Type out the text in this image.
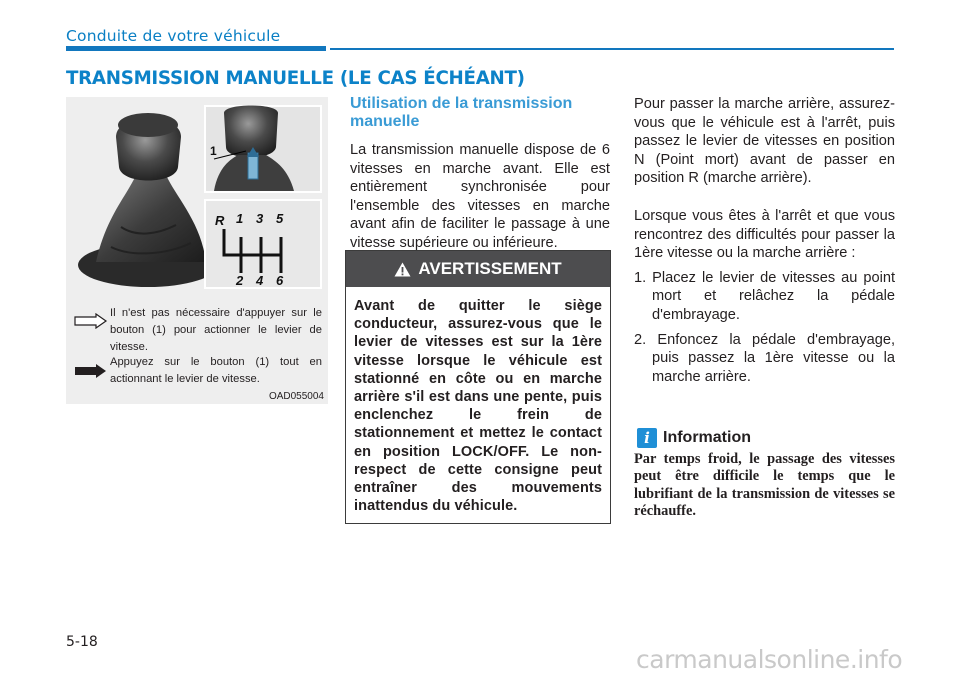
Conduite de votre véhicule
TRANSMISSION MANUELLE (LE CAS ÉCHÉANT)
1
R 1 3 5
2 4 6
Il n'est pas nécessaire d'appuyer sur le bouton (1) pour actionner le levier de vitesse.
Appuyez sur le bouton (1) tout en actionnant le levier de vitesse.
OAD055004
Utilisation de la transmission manuelle
La transmission manuelle dispose de 6 vitesses en marche avant. Elle est entièrement synchronisée pour l'ensemble des vitesses en marche avant afin de faciliter le passage à une vitesse supérieure ou inférieure.
AVERTISSEMENT
Avant de quitter le siège conducteur, assurez-vous que le levier de vitesses est sur la 1ère vitesse lorsque le véhicule est stationné en côte ou en marche arrière s'il est dans une pente, puis enclenchez le frein de stationnement et mettez le contact en position LOCK/OFF. Le non-respect de cette consigne peut entraîner des mouvements inattendus du véhicule.
Pour passer la marche arrière, assurez-vous que le véhicule est à l'arrêt, puis passez le levier de vitesses en position N (Point mort) avant de passer en position R (marche arrière).
Lorsque vous êtes à l'arrêt et que vous rencontrez des difficultés pour passer la 1ère vitesse ou la marche arrière :
1. Placez le levier de vitesses au point mort et relâchez la pédale d'embrayage.
2. Enfoncez la pédale d'embrayage, puis passez la 1ère vitesse ou la marche arrière.
i Information
Par temps froid, le passage des vitesses peut être difficile le temps que le lubrifiant de la transmission de vitesses se réchauffe.
5-18
carmanualsonline.info
